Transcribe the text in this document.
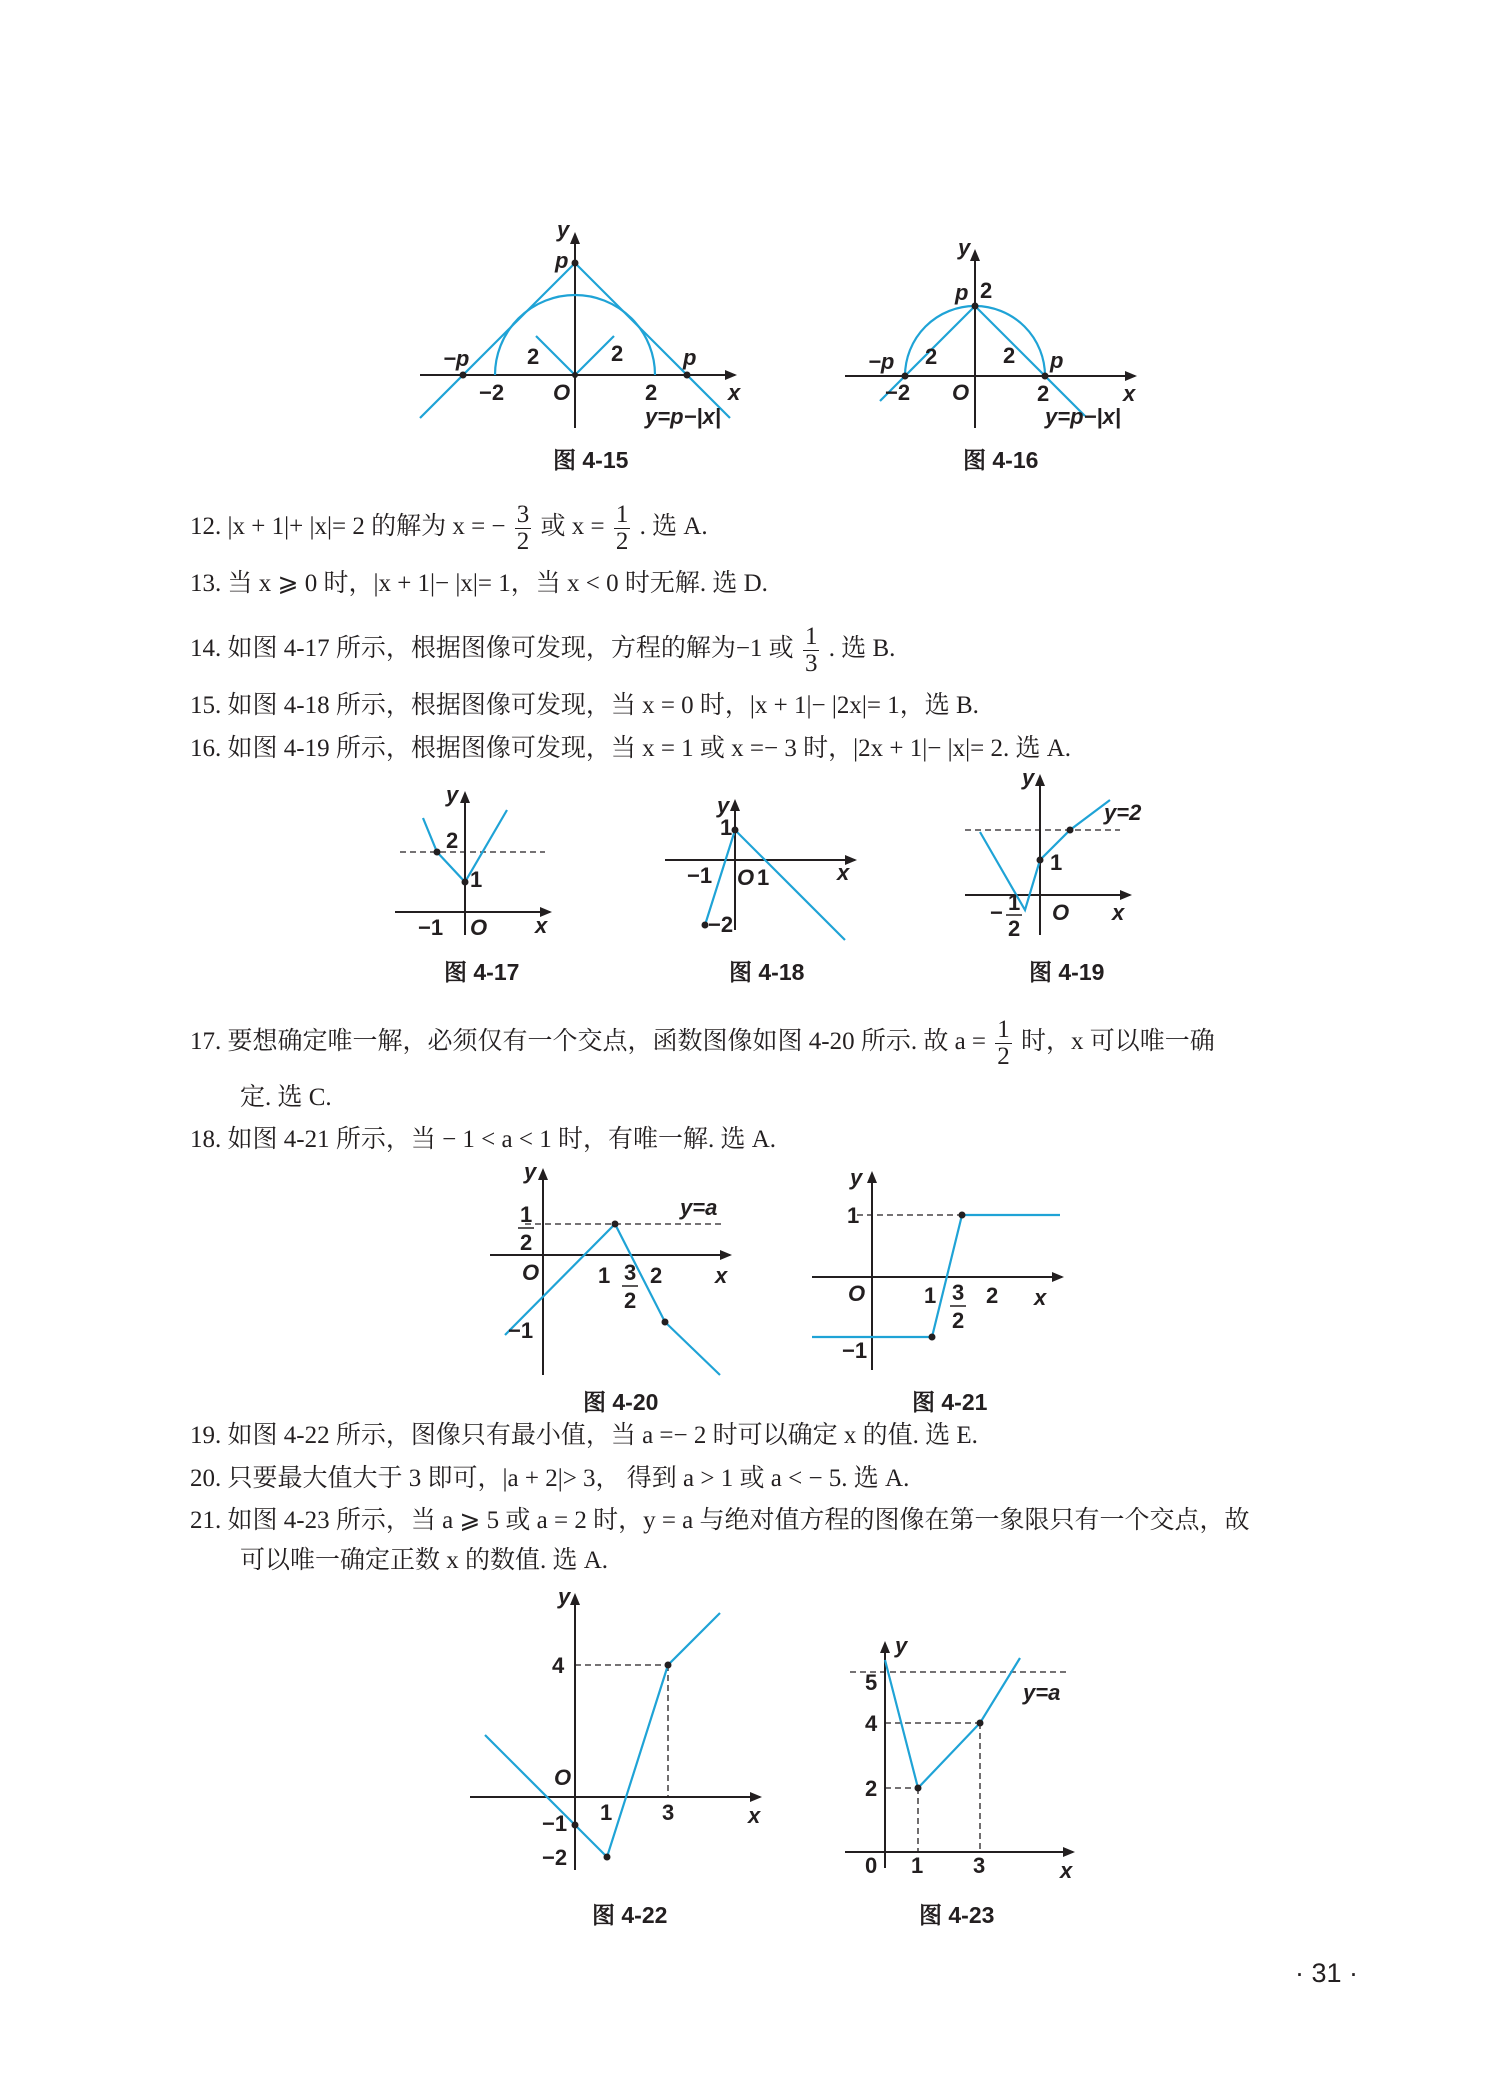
y
x
p
−p	p
−2 O	2
2	2
y=p−|x|
图 4-15
y
x
p 2
−p	p
−2 O	2
2	2
y=p−|x|
图 4-16
12. |x + 1|+ |x|= 2 的解为 x = − $\frac{3}{2}$ 或 $x = \frac{1}{2}$ . 选 A.
13. 当 x ⩾ 0 时，|x + 1|− |x|= 1，当 x < 0 时无解. 选 D.
14. 如图 4-17 所示，根据图像可发现，方程的解为−1 或 $\frac{1}{3}$ . 选 B.
15. 如图 4-18 所示，根据图像可发现，当 x = 0 时，|x + 1|− |2x|= 1，选 B.
16. 如图 4-19 所示，根据图像可发现，当 x = 1 或 x =− 3 时，|2x + 1|− |x|= 2. 选 A.
y
x
2
1
−1 O
图 4-17
y
x
1
−1 O 1
−2
图 4-18
y
x
y=2
1
− 1
2
O
图 4-19
17. 要想确定唯一解，必须仅有一个交点，函数图像如图 4-20 所示. 故 $a = \frac{1}{2}$ 时，x 可以唯一确
定. 选 C.
18. 如图 4-21 所示，当 − 1 < a < 1 时，有唯一解. 选 A.
y
x
y=a
1
2
O	1 3
2
2
−1
图 4-20
y
x
1
O	1 3
2
2
−1
图 4-21
19. 如图 4-22 所示，图像只有最小值，当 a =− 2 时可以确定 x 的值. 选 E.
20. 只要最大值大于 3 即可，|a + 2|> 3， 得到 a > 1 或 a < − 5. 选 A.
21. 如图 4-23 所示，当 a ⩾ 5 或 a = 2 时，y = a 与绝对值方程的图像在第一象限只有一个交点，故
可以唯一确定正数 x 的数值. 选 A.
y
x
4
O
1 3
−1
−2
图 4-22
y
x
y=a
5
4
2
0 1 3
图 4-23
· 31 ·
